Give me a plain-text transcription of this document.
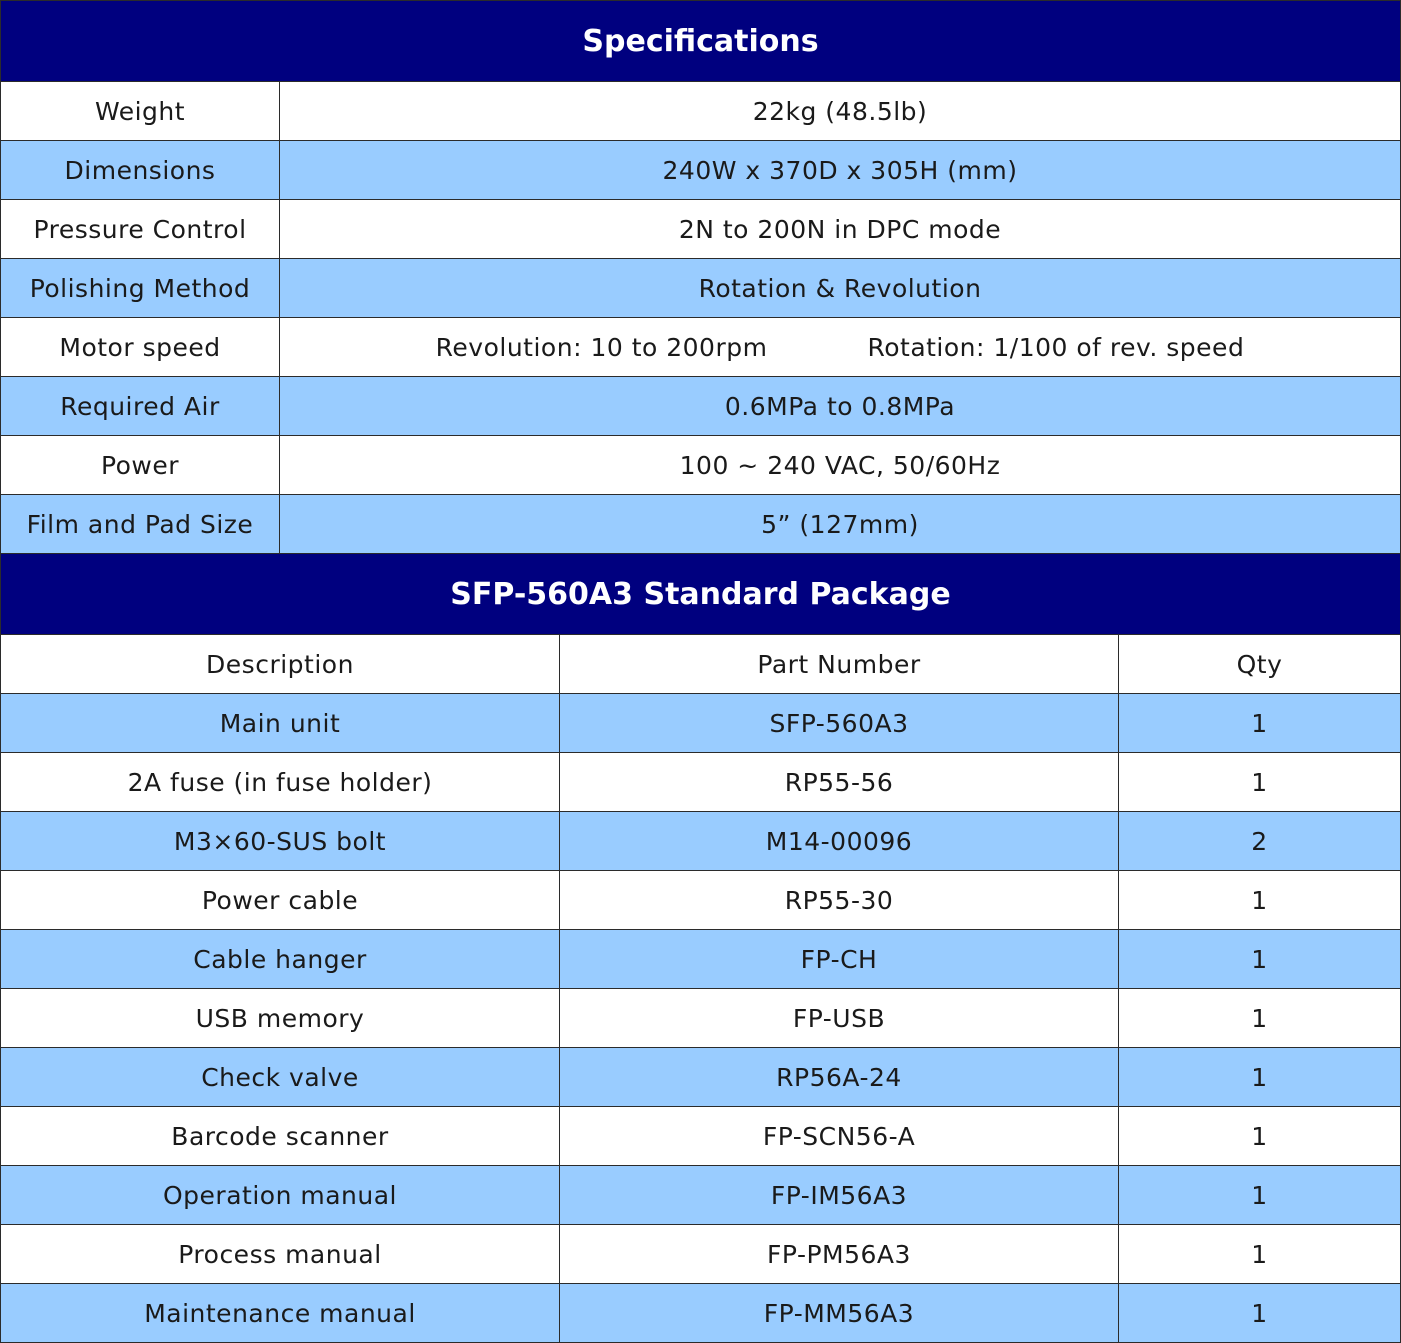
Specifications
Weight	22kg (48.5lb)
Dimensions	240W x 370D x 305H (mm)
Pressure Control	2N to 200N in DPC mode
Polishing Method	Rotation & Revolution
Motor speed	Revolution: 10 to 200rpm Rotation: 1/100 of rev. speed

Required Air	0.6MPa to 0.8MPa
Power	100 ~ 240 VAC, 50/60Hz
Film and Pad Size	5” (127mm)
SFP-560A3 Standard Package
Description	Part Number	Qty
Main unit	SFP-560A3	1
2A fuse (in fuse holder)	RP55-56	1
M3×60-SUS bolt	M14-00096	2
Power cable	RP55-30	1
Cable hanger	FP-CH	1
USB memory	FP-USB	1
Check valve	RP56A-24	1
Barcode scanner	FP-SCN56-A	1
Operation manual	FP-IM56A3	1
Process manual	FP-PM56A3	1
Maintenance manual	FP-MM56A3	1
